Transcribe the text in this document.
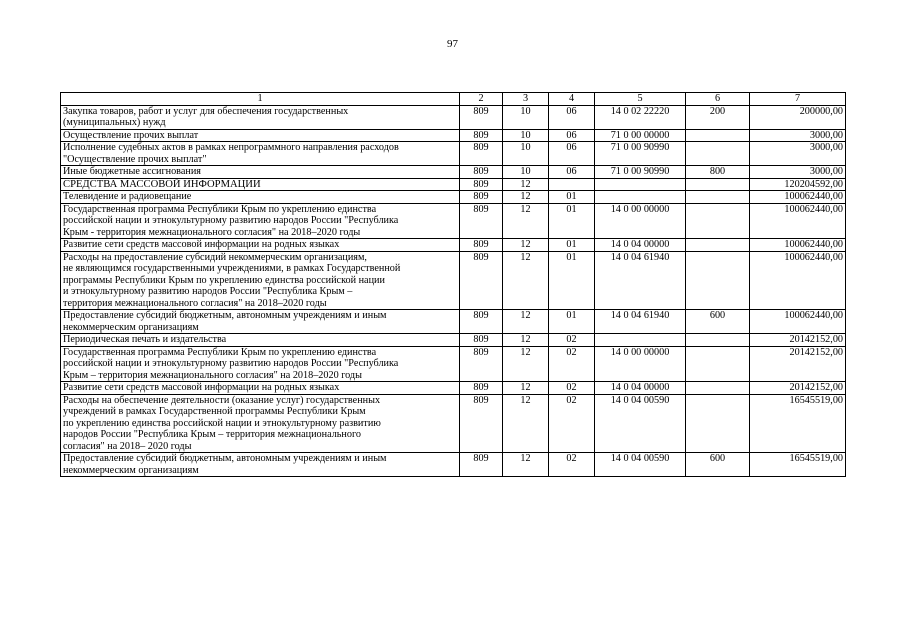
97
1	2	3	4	5	6	7

Закупка товаров, работ и услуг для обеспечения государственных
(муниципальных) нужд	809	10	06	14 0 02 22220	200	200000,00

Осуществление прочих выплат	809	10	06	71 0 00 00000		3000,00

Исполнение судебных актов в рамках непрограммного направления расходов
"Осуществление прочих выплат"	809	10	06	71 0 00 90990		3000,00

Иные бюджетные ассигнования	809	10	06	71 0 00 90990	800	3000,00

СРЕДСТВА МАССОВОЙ ИНФОРМАЦИИ	809	12				120204592,00

Телевидение и радиовещание	809	12	01			100062440,00

Государственная программа Республики Крым по укреплению единства
российской нации и этнокультурному развитию народов России "Республика
Крым - территория межнационального согласия" на 2018–2020 годы	809	12	01	14 0 00 00000		100062440,00

Развитие сети средств массовой информации на родных языках	809	12	01	14 0 04 00000		100062440,00

Расходы на предоставление субсидий некоммерческим организациям,
не являющимся государственными учреждениями, в рамках Государственной
программы Республики Крым по укреплению единства российской нации
и этнокультурному развитию народов России "Республика Крым –
территория межнационального согласия" на 2018–2020 годы	809	12	01	14 0 04 61940		100062440,00

Предоставление субсидий бюджетным, автономным учреждениям и иным
некоммерческим организациям	809	12	01	14 0 04 61940	600	100062440,00

Периодическая печать и издательства	809	12	02			20142152,00

Государственная программа Республики Крым по укреплению единства
российской нации и этнокультурному развитию народов России "Республика
Крым – территория межнационального согласия" на 2018–2020 годы	809	12	02	14 0 00 00000		20142152,00

Развитие сети средств массовой информации на родных языках	809	12	02	14 0 04 00000		20142152,00

Расходы на обеспечение деятельности (оказание услуг) государственных
учреждений в рамках Государственной программы Республики Крым
по укреплению единства российской нации и этнокультурному развитию
народов России "Республика Крым – территория межнационального
согласия" на 2018– 2020 годы	809	12	02	14 0 04 00590		16545519,00

Предоставление субсидий бюджетным, автономным учреждениям и иным
некоммерческим организациям	809	12	02	14 0 04 00590	600	16545519,00
